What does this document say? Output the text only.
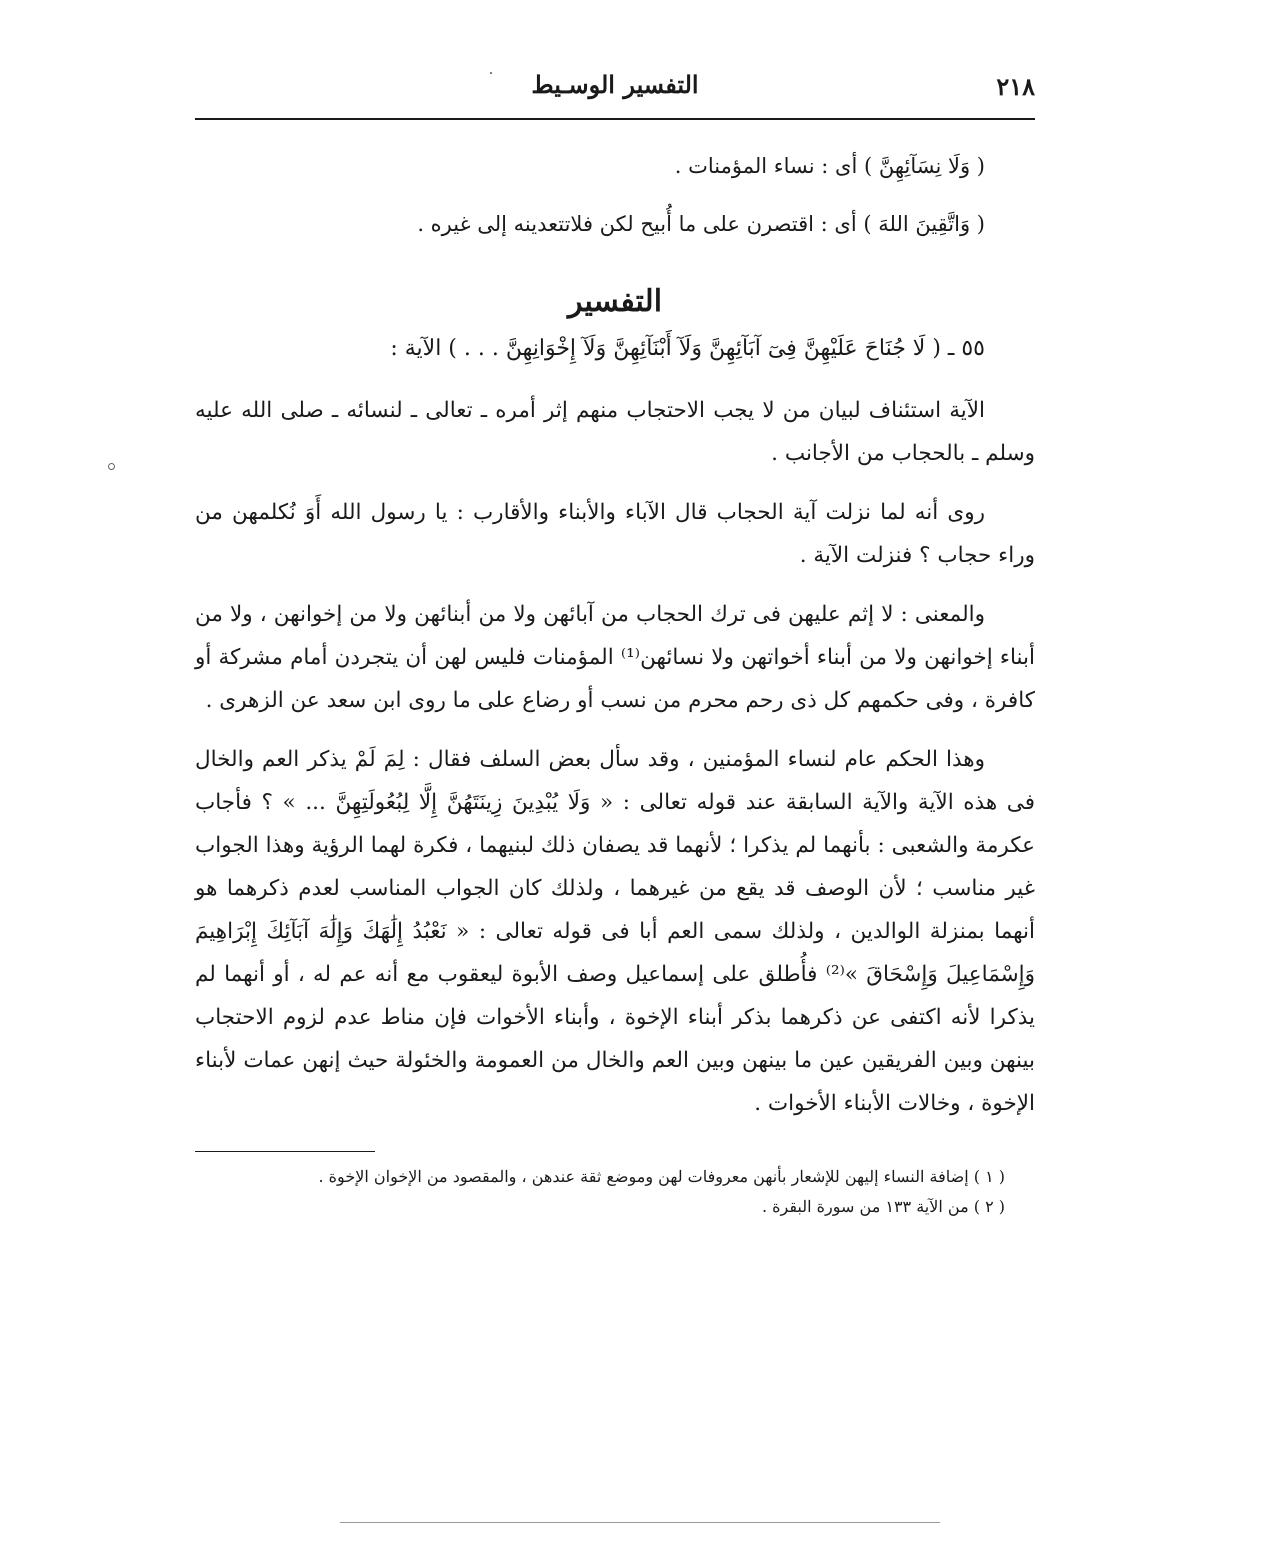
٢١٨
التفسير الوسـيط

( وَلَا نِسَآئِهِنَّ ) أى : نساء المؤمنات .

( وَاتَّقِينَ اللهَ ) أى : اقتصرن على ما أُبيح لكن فلاتتعدينه إلى غيره .

التفسير

٥٥ ـ ( لَا جُنَاحَ عَلَيْهِنَّ فِىٓ آبَآئِهِنَّ وَلَآ أَبْنَآئِهِنَّ وَلَآ إِخْوَانِهِنَّ . . . ) الآية :

الآية استئناف لبيان من لا يجب الاحتجاب منهم إثر أمره ـ تعالى ـ لنسائه ـ صلى الله عليه وسلم ـ بالحجاب من الأجانب .

روى أنه لما نزلت آية الحجاب قال الآباء والأبناء والأقارب : يا رسول الله أَوَ نُكلمهن من وراء حجاب ؟ فنزلت الآية .

والمعنى : لا إثم عليهن فى ترك الحجاب من آبائهن ولا من أبنائهن ولا من إخوانهن ، ولا من أبناء إخوانهن ولا من أبناء أخواتهن ولا نسائهن⁽¹⁾ المؤمنات فليس لهن أن يتجردن أمام مشركة أو كافرة ، وفى حكمهم كل ذى رحم محرم من نسب أو رضاع على ما روى ابن سعد عن الزهرى .

وهذا الحكم عام لنساء المؤمنين ، وقد سأل بعض السلف فقال : لِمَ لَمْ يذكر العم والخال فى هذه الآية والآية السابقة عند قوله تعالى : « وَلَا يُبْدِينَ زِينَتَهُنَّ إِلَّا لِبُعُولَتِهِنَّ ... » ؟ فأجاب عكرمة والشعبى : بأنهما لم يذكرا ؛ لأنهما قد يصفان ذلك لبنيهما ، فكرة لهما الرؤية وهذا الجواب غير مناسب ؛ لأن الوصف قد يقع من غيرهما ، ولذلك كان الجواب المناسب لعدم ذكرهما هو أنهما بمنزلة الوالدين ، ولذلك سمى العم أبا فى قوله تعالى : « نَعْبُدُ إِلَٰهَكَ وَإِلَٰهَ آبَآئِكَ إِبْرَاهِيمَ وَإِسْمَاعِيلَ وَإِسْحَاقَ »⁽²⁾ فأُطلق على إسماعيل وصف الأبوة ليعقوب مع أنه عم له ، أو أنهما لم يذكرا لأنه اكتفى عن ذكرهما بذكر أبناء الإخوة ، وأبناء الأخوات فإن مناط عدم لزوم الاحتجاب بينهن وبين الفريقين عين ما بينهن وبين العم والخال من العمومة والخئولة حيث إنهن عمات لأبناء الإخوة ، وخالات الأبناء الأخوات .

( ١ ) إضافة النساء إليهن للإشعار بأنهن معروفات لهن وموضع ثقة عندهن ، والمقصود من الإخوان الإخوة .

( ٢ ) من الآية ١٣٣ من سورة البقرة .
